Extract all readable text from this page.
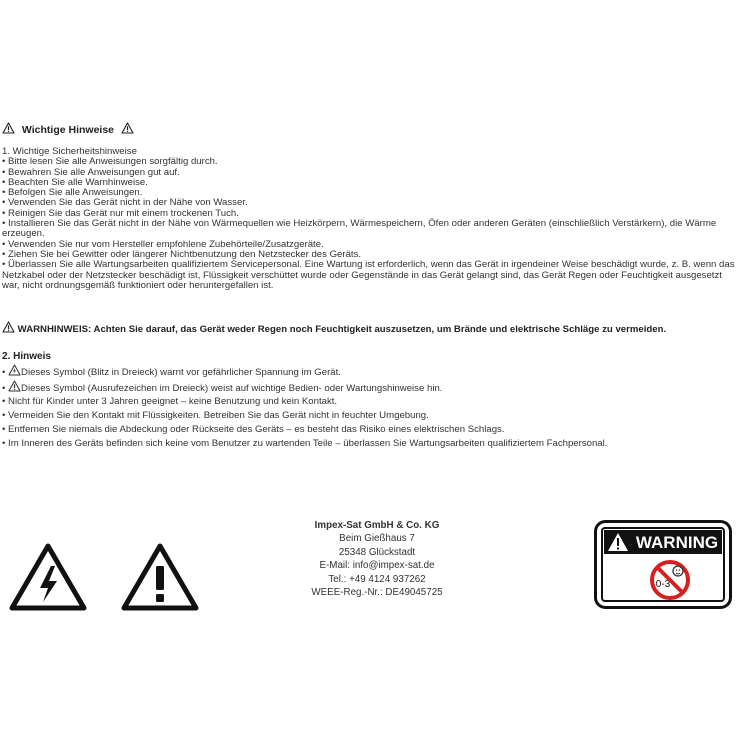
Wichtige Hinweise
1. Wichtige Sicherheitshinweise
• Bitte lesen Sie alle Anweisungen sorgfältig durch.
• Bewahren Sie alle Anweisungen gut auf.
• Beachten Sie alle Warnhinweise.
• Befolgen Sie alle Anweisungen.
• Verwenden Sie das Gerät nicht in der Nähe von Wasser.
• Reinigen Sie das Gerät nur mit einem trockenen Tuch.
• Installieren Sie das Gerät nicht in der Nähe von Wärmequellen wie Heizkörpern, Wärmespeichern, Öfen oder anderen Geräten (einschließlich Verstärkern), die Wärme erzeugen.
• Verwenden Sie nur vom Hersteller empfohlene Zubehörteile/Zusatzgeräte.
• Ziehen Sie bei Gewitter oder längerer Nichtbenutzung den Netzstecker des Geräts.
• Überlassen Sie alle Wartungsarbeiten qualifiziertem Servicepersonal. Eine Wartung ist erforderlich, wenn das Gerät in irgendeiner Weise beschädigt wurde, z. B. wenn das Netzkabel oder der Netzstecker beschädigt ist, Flüssigkeit verschüttet wurde oder Gegenstände in das Gerät gelangt sind, das Gerät Regen oder Feuchtigkeit ausgesetzt war, nicht ordnungsgemäß funktioniert oder heruntergefallen ist.
WARNHINWEIS: Achten Sie darauf, das Gerät weder Regen noch Feuchtigkeit auszusetzen, um Brände und elektrische Schläge zu vermeiden.
2. Hinweis
• Dieses Symbol (Blitz in Dreieck) warnt vor gefährlicher Spannung im Gerät.
• Dieses Symbol (Ausrufezeichen im Dreieck) weist auf wichtige Bedien- oder Wartungshinweise hin.
• Nicht für Kinder unter 3 Jahren geeignet – keine Benutzung und kein Kontakt.
• Vermeiden Sie den Kontakt mit Flüssigkeiten. Betreiben Sie das Gerät nicht in feuchter Umgebung.
• Entfernen Sie niemals die Abdeckung oder Rückseite des Geräts – es besteht das Risiko eines elektrischen Schlags.
• Im Inneren des Geräts befinden sich keine vom Benutzer zu wartenden Teile – überlassen Sie Wartungsarbeiten qualifiziertem Fachpersonal.
Impex-Sat GmbH & Co. KG
Beim Gießhaus 7
25348 Glückstadt
E-Mail: info@impex-sat.de
Tel.: +49 4124 937262
WEEE-Reg.-Nr.: DE49045725
WARNING
0-3
